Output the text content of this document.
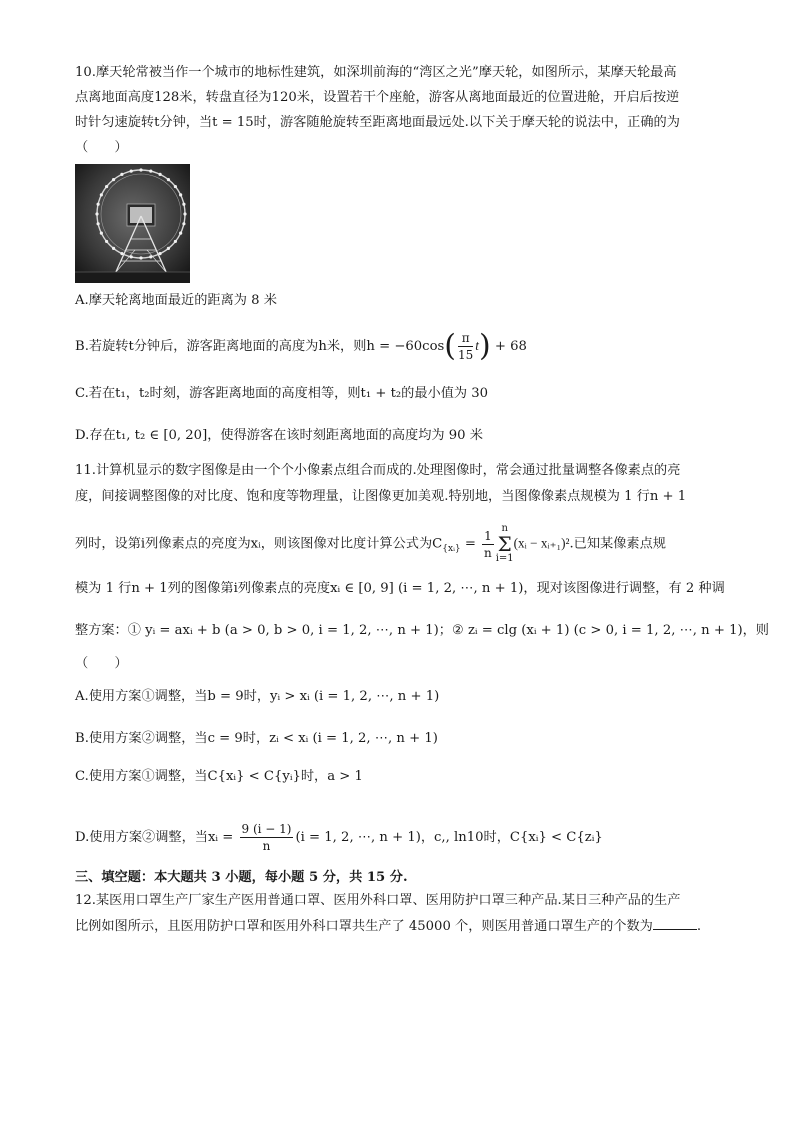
10.摩天轮常被当作一个城市的地标性建筑，如深圳前海的“湾区之光”摩天轮，如图所示，某摩天轮最高
点离地面高度128米，转盘直径为120米，设置若干个座舱，游客从离地面最近的位置进舱，开启后按逆
时针匀速旋转t分钟，当t = 15时，游客随舱旋转至距离地面最远处.以下关于摩天轮的说法中，正确的为
（　　）
A.摩天轮离地面最近的距离为 8 米
B.若旋转t分钟后，游客距离地面的高度为h米，则$h = -60\cos( \frac{\pi}{15} t) + 68$
C.若在t₁，t₂时刻，游客距离地面的高度相等，则t₁ + t₂的最小值为 30
D.存在t₁, t₂ ∈ [0, 20]，使得游客在该时刻距离地面的高度均为 90 米
11.计算机显示的数字图像是由一个个小像素点组合而成的.处理图像时，常会通过批量调整各像素点的亮
度，间接调整图像的对比度、饱和度等物理量，让图像更加美观.特别地，当图像像素点规模为 1 行n + 1
列时，设第i列像素点的亮度为xᵢ，则该图像对比度计算公式为$C_{\{xᵢ\}} = \frac{1}{n}$ n
Σ
i=1(xᵢ − xᵢ₊₁)².已知某像素点规
模为 1 行n + 1列的图像第i列像素点的亮度xᵢ ∈ [0, 9] (i = 1, 2, ⋯, n + 1)，现对该图像进行调整，有 2 种调
整方案：① yᵢ = axᵢ + b (a > 0, b > 0, i = 1, 2, ⋯, n + 1)；② zᵢ = clg (xᵢ + 1) (c > 0, i = 1, 2, ⋯, n + 1)，则
（　　）
A.使用方案①调整，当b = 9时，yᵢ > xᵢ (i = 1, 2, ⋯, n + 1)
B.使用方案②调整，当c = 9时，zᵢ < xᵢ (i = 1, 2, ⋯, n + 1)
C.使用方案①调整，当C{xᵢ} < C{yᵢ}时，a > 1
D.使用方案②调整，当xᵢ = $\frac{9 (i - 1)}{n} (i = 1$, 2, ⋯, n + 1)，c,, ln10时，C{xᵢ} < C{zᵢ}
三、填空题：本大题共 3 小题，每小题 5 分，共 15 分.
12.某医用口罩生产厂家生产医用普通口罩、医用外科口罩、医用防护口罩三种产品.某日三种产品的生产
比例如图所示，且医用防护口罩和医用外科口罩共生产了 45000 个，则医用普通口罩生产的个数为	.
